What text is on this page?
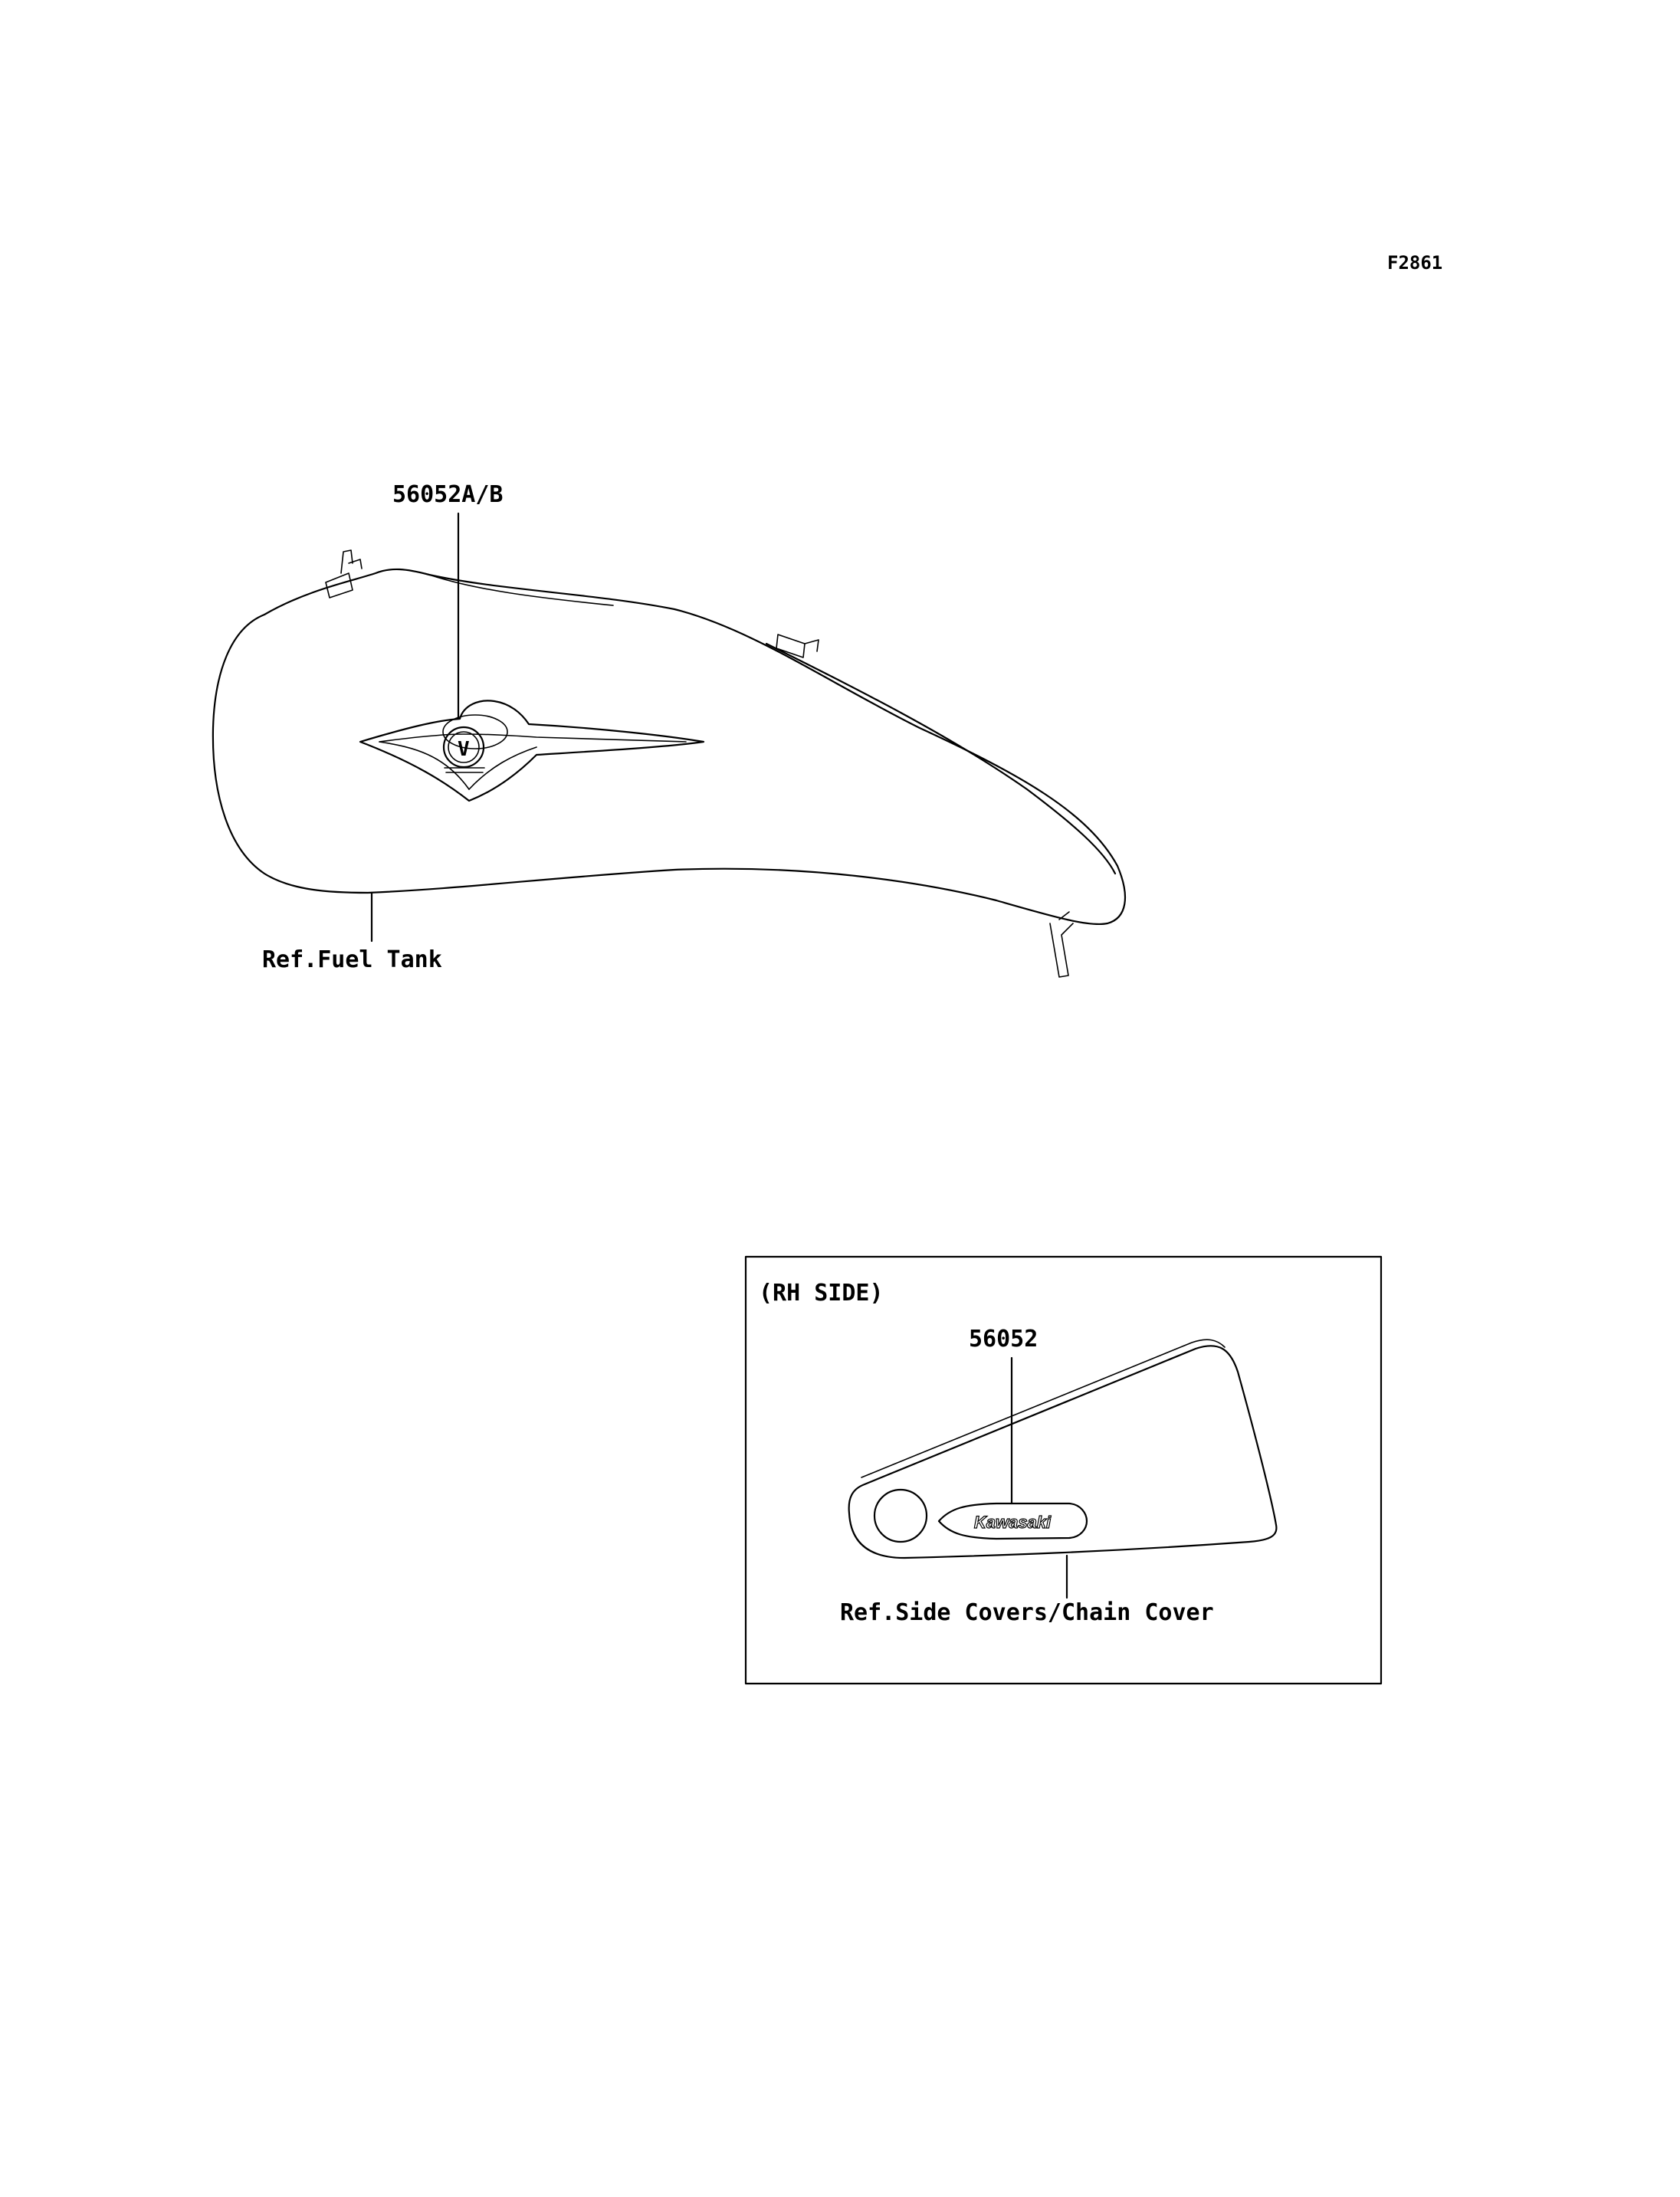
F2861
V
56052A/B
Ref.Fuel Tank
(RH SIDE)
Kawasaki
56052
Ref.Side Covers/Chain Cover
